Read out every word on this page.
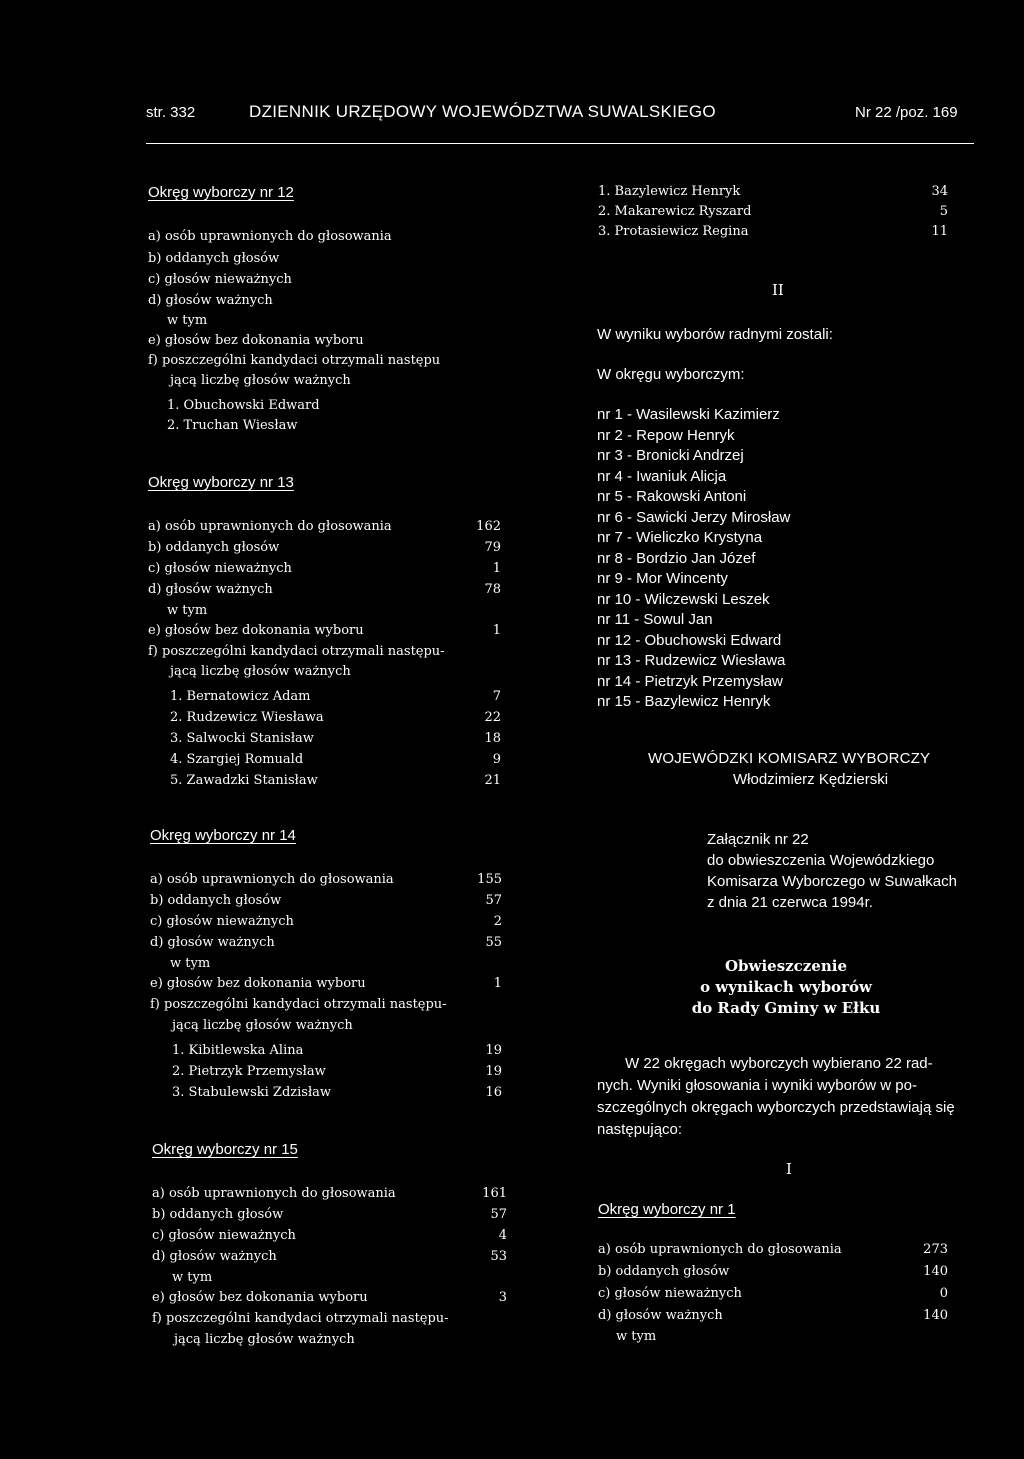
str. 332	DZIENNIK URZĘDOWY WOJEWÓDZTWA SUWALSKIEGO	Nr 22 /poz. 169
Okręg wyborczy nr 12
a) osób uprawnionych do głosowania
b) oddanych głosów
c) głosów nieważnych
d) głosów ważnych
w tym
e) głosów bez dokonania wyboru
f) poszczególni kandydaci otrzymali następu
jącą liczbę głosów ważnych
1. Obuchowski Edward
2. Truchan Wiesław
Okręg wyborczy nr 13
a) osób uprawnionych do głosowania	162
b) oddanych głosów	79
c) głosów nieważnych	1
d) głosów ważnych	78
w tym
e) głosów bez dokonania wyboru	1
f) poszczególni kandydaci otrzymali następu-
jącą liczbę głosów ważnych
1. Bernatowicz Adam	7
2. Rudzewicz Wiesława	22
3. Salwocki Stanisław	18
4. Szargiej Romuald	9
5. Zawadzki Stanisław	21
Okręg wyborczy nr 14
a) osób uprawnionych do głosowania	155
b) oddanych głosów	57
c) głosów nieważnych	2
d) głosów ważnych	55
w tym
e) głosów bez dokonania wyboru	1
f) poszczególni kandydaci otrzymali następu-
jącą liczbę głosów ważnych
1. Kibitlewska Alina	19
2. Pietrzyk Przemysław	19
3. Stabulewski Zdzisław	16
Okręg wyborczy nr 15
a) osób uprawnionych do głosowania	161
b) oddanych głosów	57
c) głosów nieważnych	4
d) głosów ważnych	53
w tym
e) głosów bez dokonania wyboru	3
f) poszczególni kandydaci otrzymali następu-
jącą liczbę głosów ważnych
1. Bazylewicz Henryk	34
2. Makarewicz Ryszard	5
3. Protasiewicz Regina	11
II
W wyniku wyborów radnymi zostali:
W okręgu wyborczym:
nr 1 - Wasilewski Kazimierz
nr 2 - Repow Henryk
nr 3 - Bronicki Andrzej
nr 4 - Iwaniuk Alicja
nr 5 - Rakowski Antoni
nr 6 - Sawicki Jerzy Mirosław
nr 7 - Wieliczko Krystyna
nr 8 - Bordzio Jan Józef
nr 9 - Mor Wincenty
nr 10 - Wilczewski Leszek
nr 11 - Sowul Jan
nr 12 - Obuchowski Edward
nr 13 - Rudzewicz Wiesława
nr 14 - Pietrzyk Przemysław
nr 15 - Bazylewicz Henryk
WOJEWÓDZKI KOMISARZ WYBORCZY
Włodzimierz Kędzierski
Załącznik nr 22
do obwieszczenia Wojewódzkiego
Komisarza Wyborczego w Suwałkach
z dnia 21 czerwca 1994r.
Obwieszczenie
o wynikach wyborów
do Rady Gminy w Ełku
W 22 okręgach wyborczych wybierano 22 rad-
nych. Wyniki głosowania i wyniki wyborów w po-
szczególnych okręgach wyborczych przedstawiają się
następująco:
I
Okręg wyborczy nr 1
a) osób uprawnionych do głosowania	273
b) oddanych głosów	140
c) głosów nieważnych	0
d) głosów ważnych	140
w tym
